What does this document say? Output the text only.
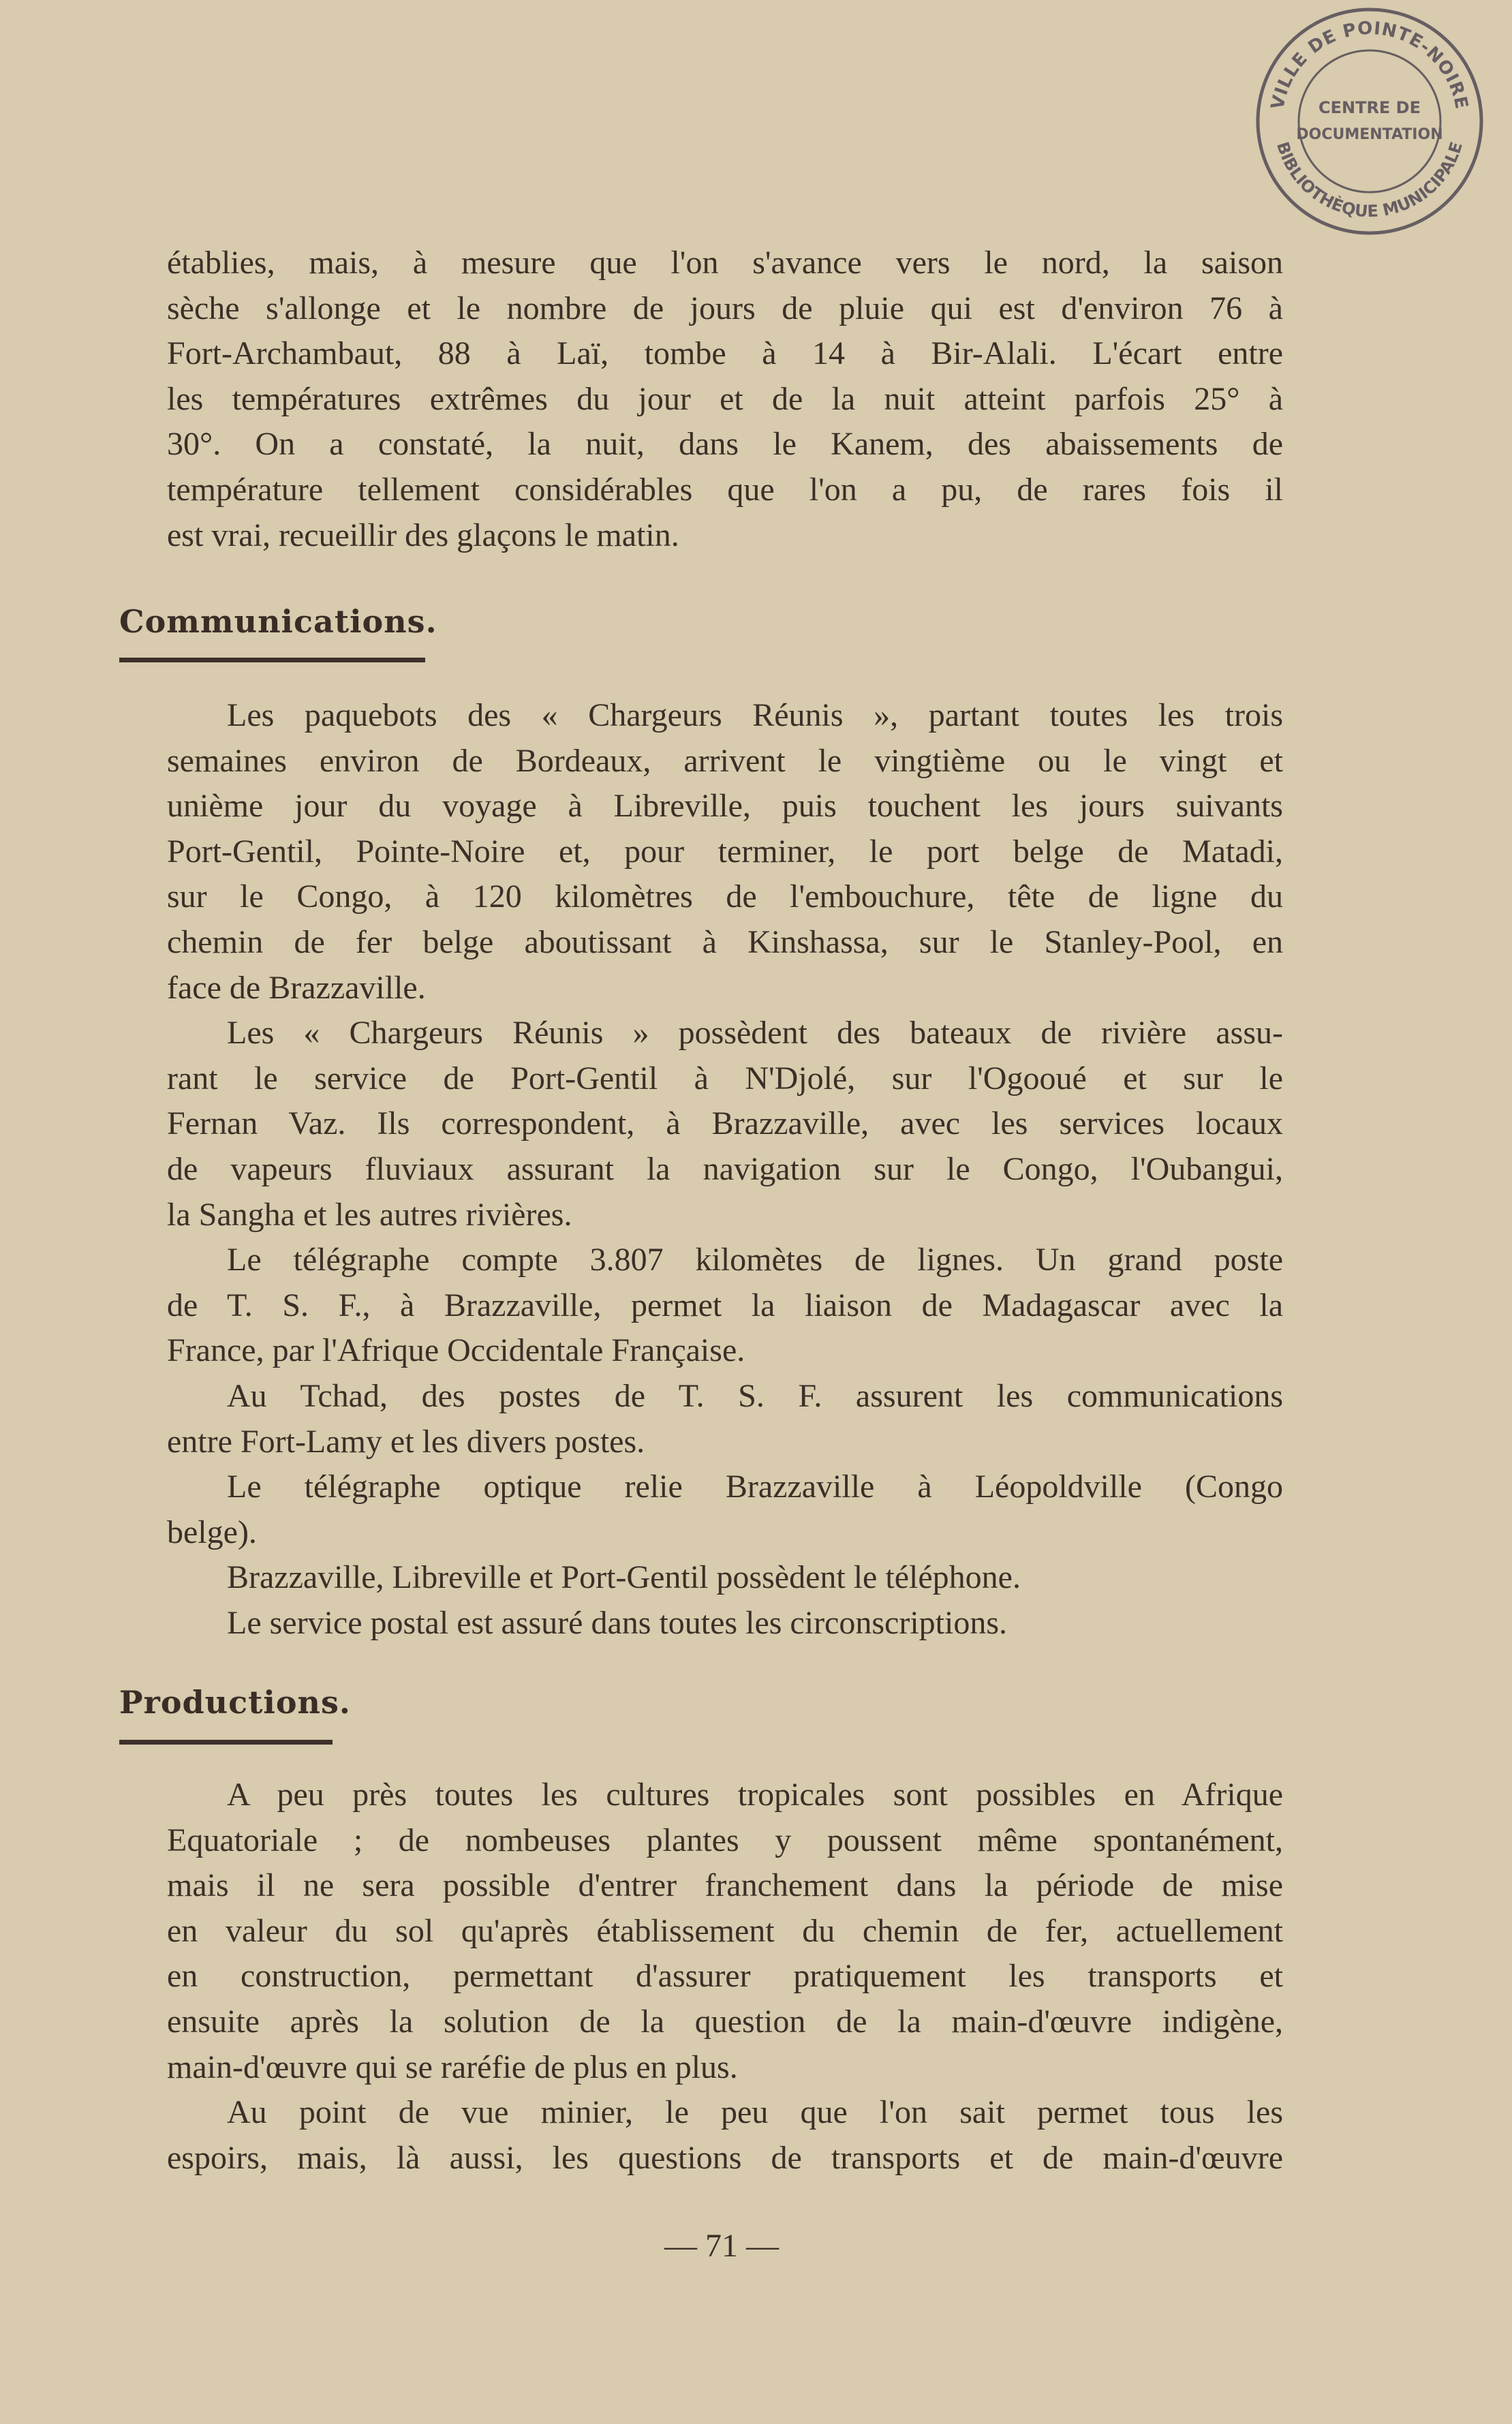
établies, mais, à mesure que l'on s'avance vers le nord, la saison
sèche s'allonge et le nombre de jours de pluie qui est d'environ 76 à
Fort-Archambaut, 88 à Laï, tombe à 14 à Bir-Alali. L'écart entre
les températures extrêmes du jour et de la nuit atteint parfois 25° à
30°. On a constaté, la nuit, dans le Kanem, des abaissements de
température tellement considérables que l'on a pu, de rares fois il
est vrai, recueillir des glaçons le matin.
Communications.
Les paquebots des « Chargeurs Réunis », partant toutes les trois
semaines environ de Bordeaux, arrivent le vingtième ou le vingt et
unième jour du voyage à Libreville, puis touchent les jours suivants
Port-Gentil, Pointe-Noire et, pour terminer, le port belge de Matadi,
sur le Congo, à 120 kilomètres de l'embouchure, tête de ligne du
chemin de fer belge aboutissant à Kinshassa, sur le Stanley-Pool, en
face de Brazzaville.
Les « Chargeurs Réunis » possèdent des bateaux de rivière assu-
rant le service de Port-Gentil à N'Djolé, sur l'Ogooué et sur le
Fernan Vaz. Ils correspondent, à Brazzaville, avec les services locaux
de vapeurs fluviaux assurant la navigation sur le Congo, l'Oubangui,
la Sangha et les autres rivières.
Le télégraphe compte 3.807 kilomètes de lignes. Un grand poste
de T. S. F., à Brazzaville, permet la liaison de Madagascar avec la
France, par l'Afrique Occidentale Française.
Au Tchad, des postes de T. S. F. assurent les communications
entre Fort-Lamy et les divers postes.
Le télégraphe optique relie Brazzaville à Léopoldville (Congo
belge).
Brazzaville, Libreville et Port-Gentil possèdent le téléphone.
Le service postal est assuré dans toutes les circonscriptions.
Productions.
A peu près toutes les cultures tropicales sont possibles en Afrique
Equatoriale ; de nombeuses plantes y poussent même spontanément,
mais il ne sera possible d'entrer franchement dans la période de mise
en valeur du sol qu'après établissement du chemin de fer, actuellement
en construction, permettant d'assurer pratiquement les transports et
ensuite après la solution de la question de la main-d'œuvre indigène,
main-d'œuvre qui se raréfie de plus en plus.
Au point de vue minier, le peu que l'on sait permet tous les
espoirs, mais, là aussi, les questions de transports et de main-d'œuvre
— 71 —
VILLE DE POINTE-NOIRE
BIBLIOTHÈQUE MUNICIPALE
CENTRE DE
DOCUMENTATION
